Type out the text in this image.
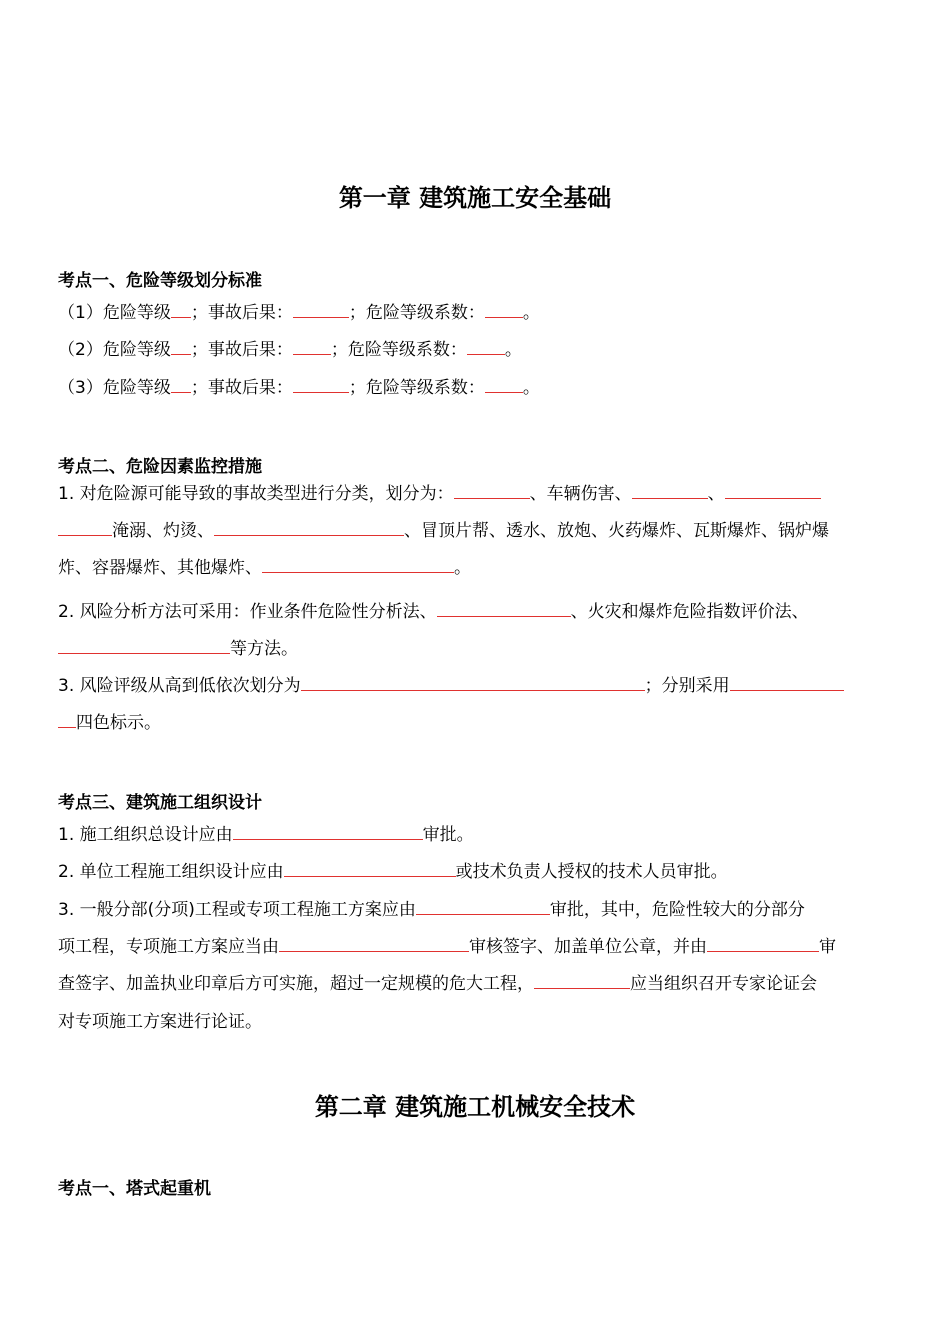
第一章 建筑施工安全基础
考点一、危险等级划分标准
（1）危险等级 ；事故后果：	；危险等级系数： 。
（2）危险等级 ；事故后果： ；危险等级系数： 。
（3）危险等级 ；事故后果：	；危险等级系数： 。
考点二、危险因素监控措施
1. 对危险源可能导致的事故类型进行分类，划分为：	、车辆伤害、	、
淹溺、灼烫、	、冒顶片帮、透水、放炮、火药爆炸、瓦斯爆炸、锅炉爆
炸、容器爆炸、其他爆炸、	。
2. 风险分析方法可采用：作业条件危险性分析法、	、火灾和爆炸危险指数评价法、
等方法。
3. 风险评级从高到低依次划分为	；分别采用
四色标示。
考点三、建筑施工组织设计
1. 施工组织总设计应由	审批。
2. 单位工程施工组织设计应由	或技术负责人授权的技术人员审批。
3. 一般分部(分项)工程或专项工程施工方案应由	审批，其中，危险性较大的分部分
项工程，专项施工方案应当由	审核签字、加盖单位公章，并由	审
查签字、加盖执业印章后方可实施，超过一定规模的危大工程，	应当组织召开专家论证会
对专项施工方案进行论证。
第二章 建筑施工机械安全技术
考点一、塔式起重机
